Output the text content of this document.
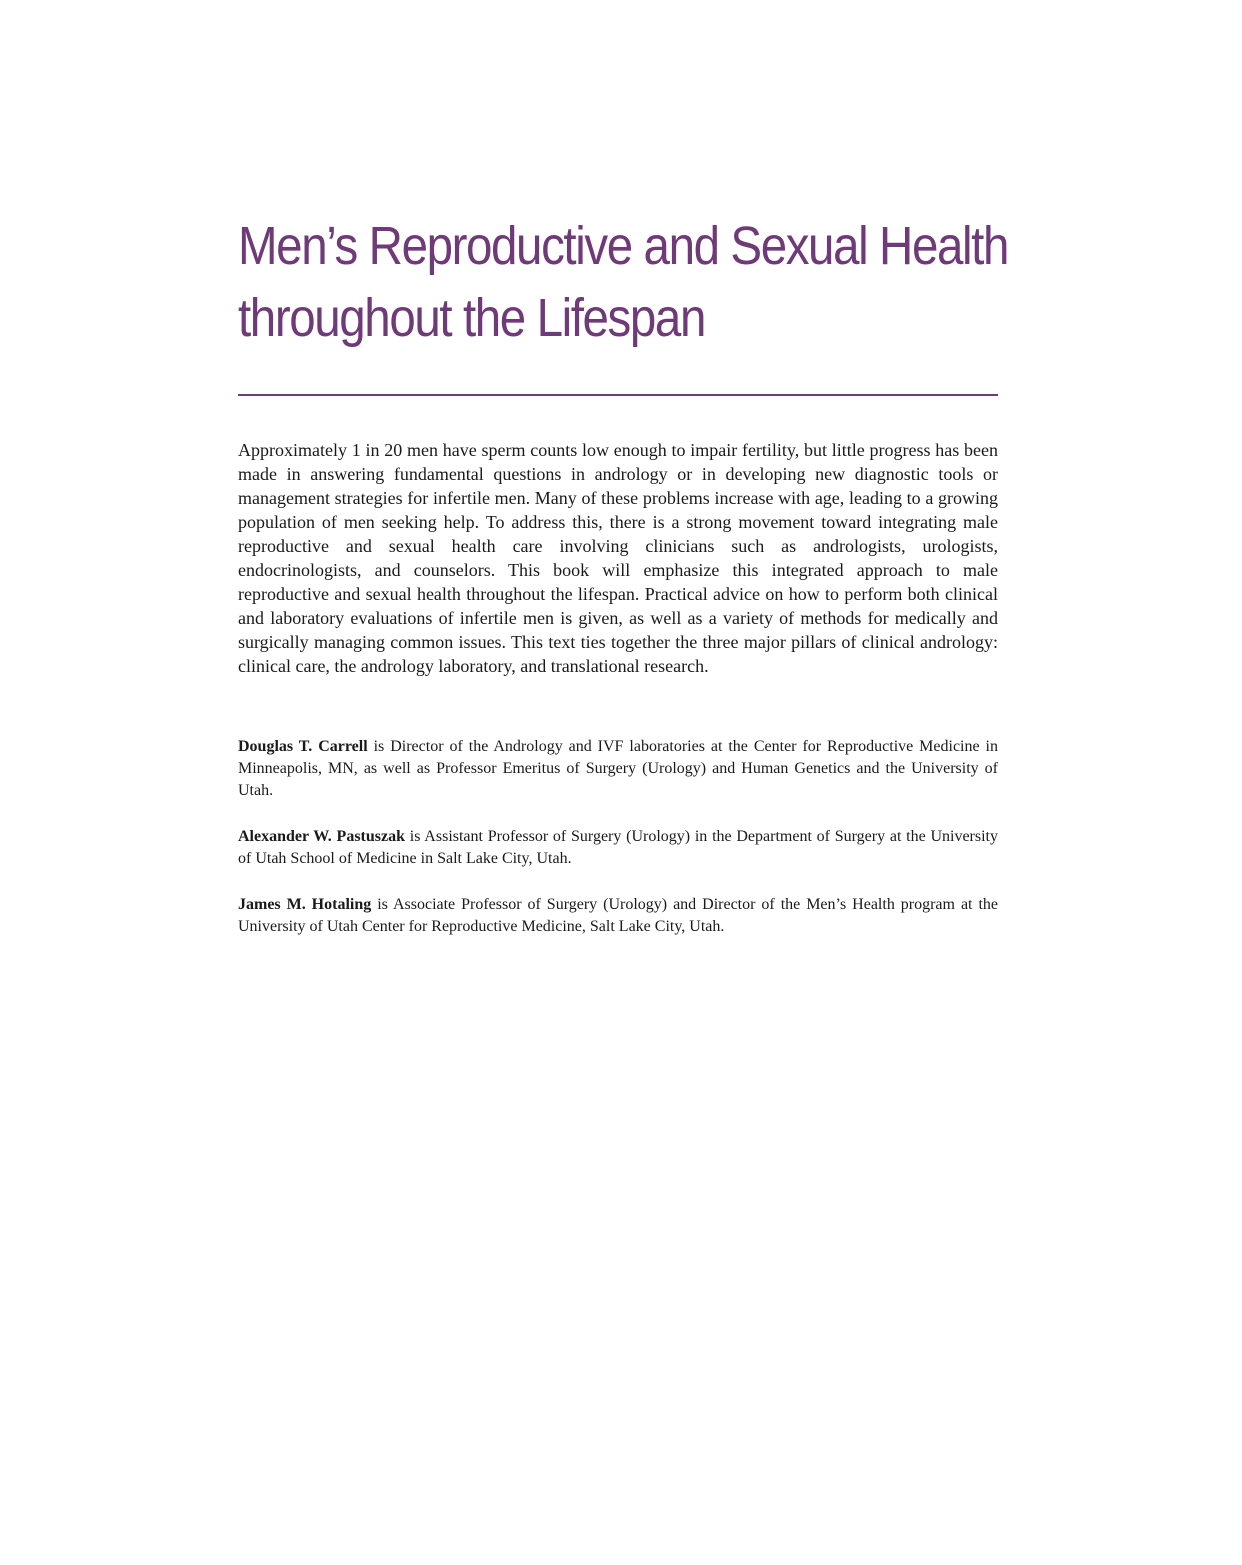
Men’s Reproductive and Sexual Health
throughout the Lifespan

Approximately 1 in 20 men have sperm counts low enough to impair fertility, but little progress has been made in answering fundamental questions in andrology or in developing new diagnostic tools or management strategies for infertile men. Many of these problems increase with age, leading to a growing population of men seeking help. To address this, there is a strong movement toward integrating male reproductive and sexual health care involving clinicians such as andrologists, urologists, endocrinologists, and counselors. This book will emphasize this integrated approach to male reproductive and sexual health throughout the lifespan. Practical advice on how to perform both clinical and laboratory evaluations of infertile men is given, as well as a variety of methods for medically and surgically managing common issues. This text ties together the three major pillars of clinical andrology: clinical care, the andrology laboratory, and translational research.

Douglas T. Carrell is Director of the Andrology and IVF laboratories at the Center for Reproductive Medicine in Minneapolis, MN, as well as Professor Emeritus of Surgery (Urology) and Human Genetics and the University of Utah.

Alexander W. Pastuszak is Assistant Professor of Surgery (Urology) in the Department of Surgery at the University of Utah School of Medicine in Salt Lake City, Utah.

James M. Hotaling is Associate Professor of Surgery (Urology) and Director of the Men’s Health program at the University of Utah Center for Reproductive Medicine, Salt Lake City, Utah.
